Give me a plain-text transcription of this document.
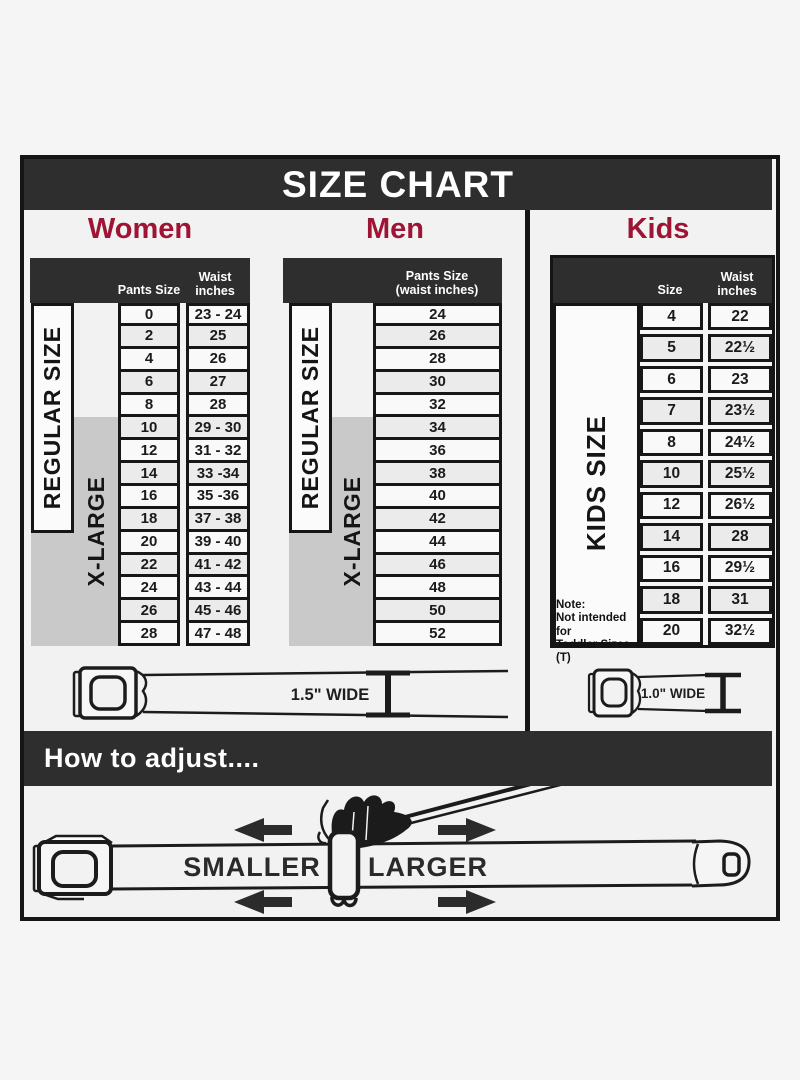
SIZE CHART
Women	Men	Kids
Pants Size
Waist
inches
0	23 - 24
2	25
4	26
6	27
8	28
10	29 - 30
12	31 - 32
14	33 -34
16	35 -36
18	37 - 38
20	39 - 40
22	41 - 42
24	43 - 44
26	45 - 46
28	47 - 48
REGULAR SIZE
X-LARGE
Pants Size
(waist inches)
24
26
28
30
32
34
36
38
40
42
44
46
48
50
52
REGULAR SIZE
X-LARGE
Size
Waist
inches
KIDS SIZE
Note:
Not intended for
Toddler Sizes (T)
4	22
5	22½
6	23
7	23½
8	24½
10	25½
12	26½
14	28
16	29½
18	31
20	32½
1.5" WIDE	1.0" WIDE
How to adjust....
SMALLER LARGER
